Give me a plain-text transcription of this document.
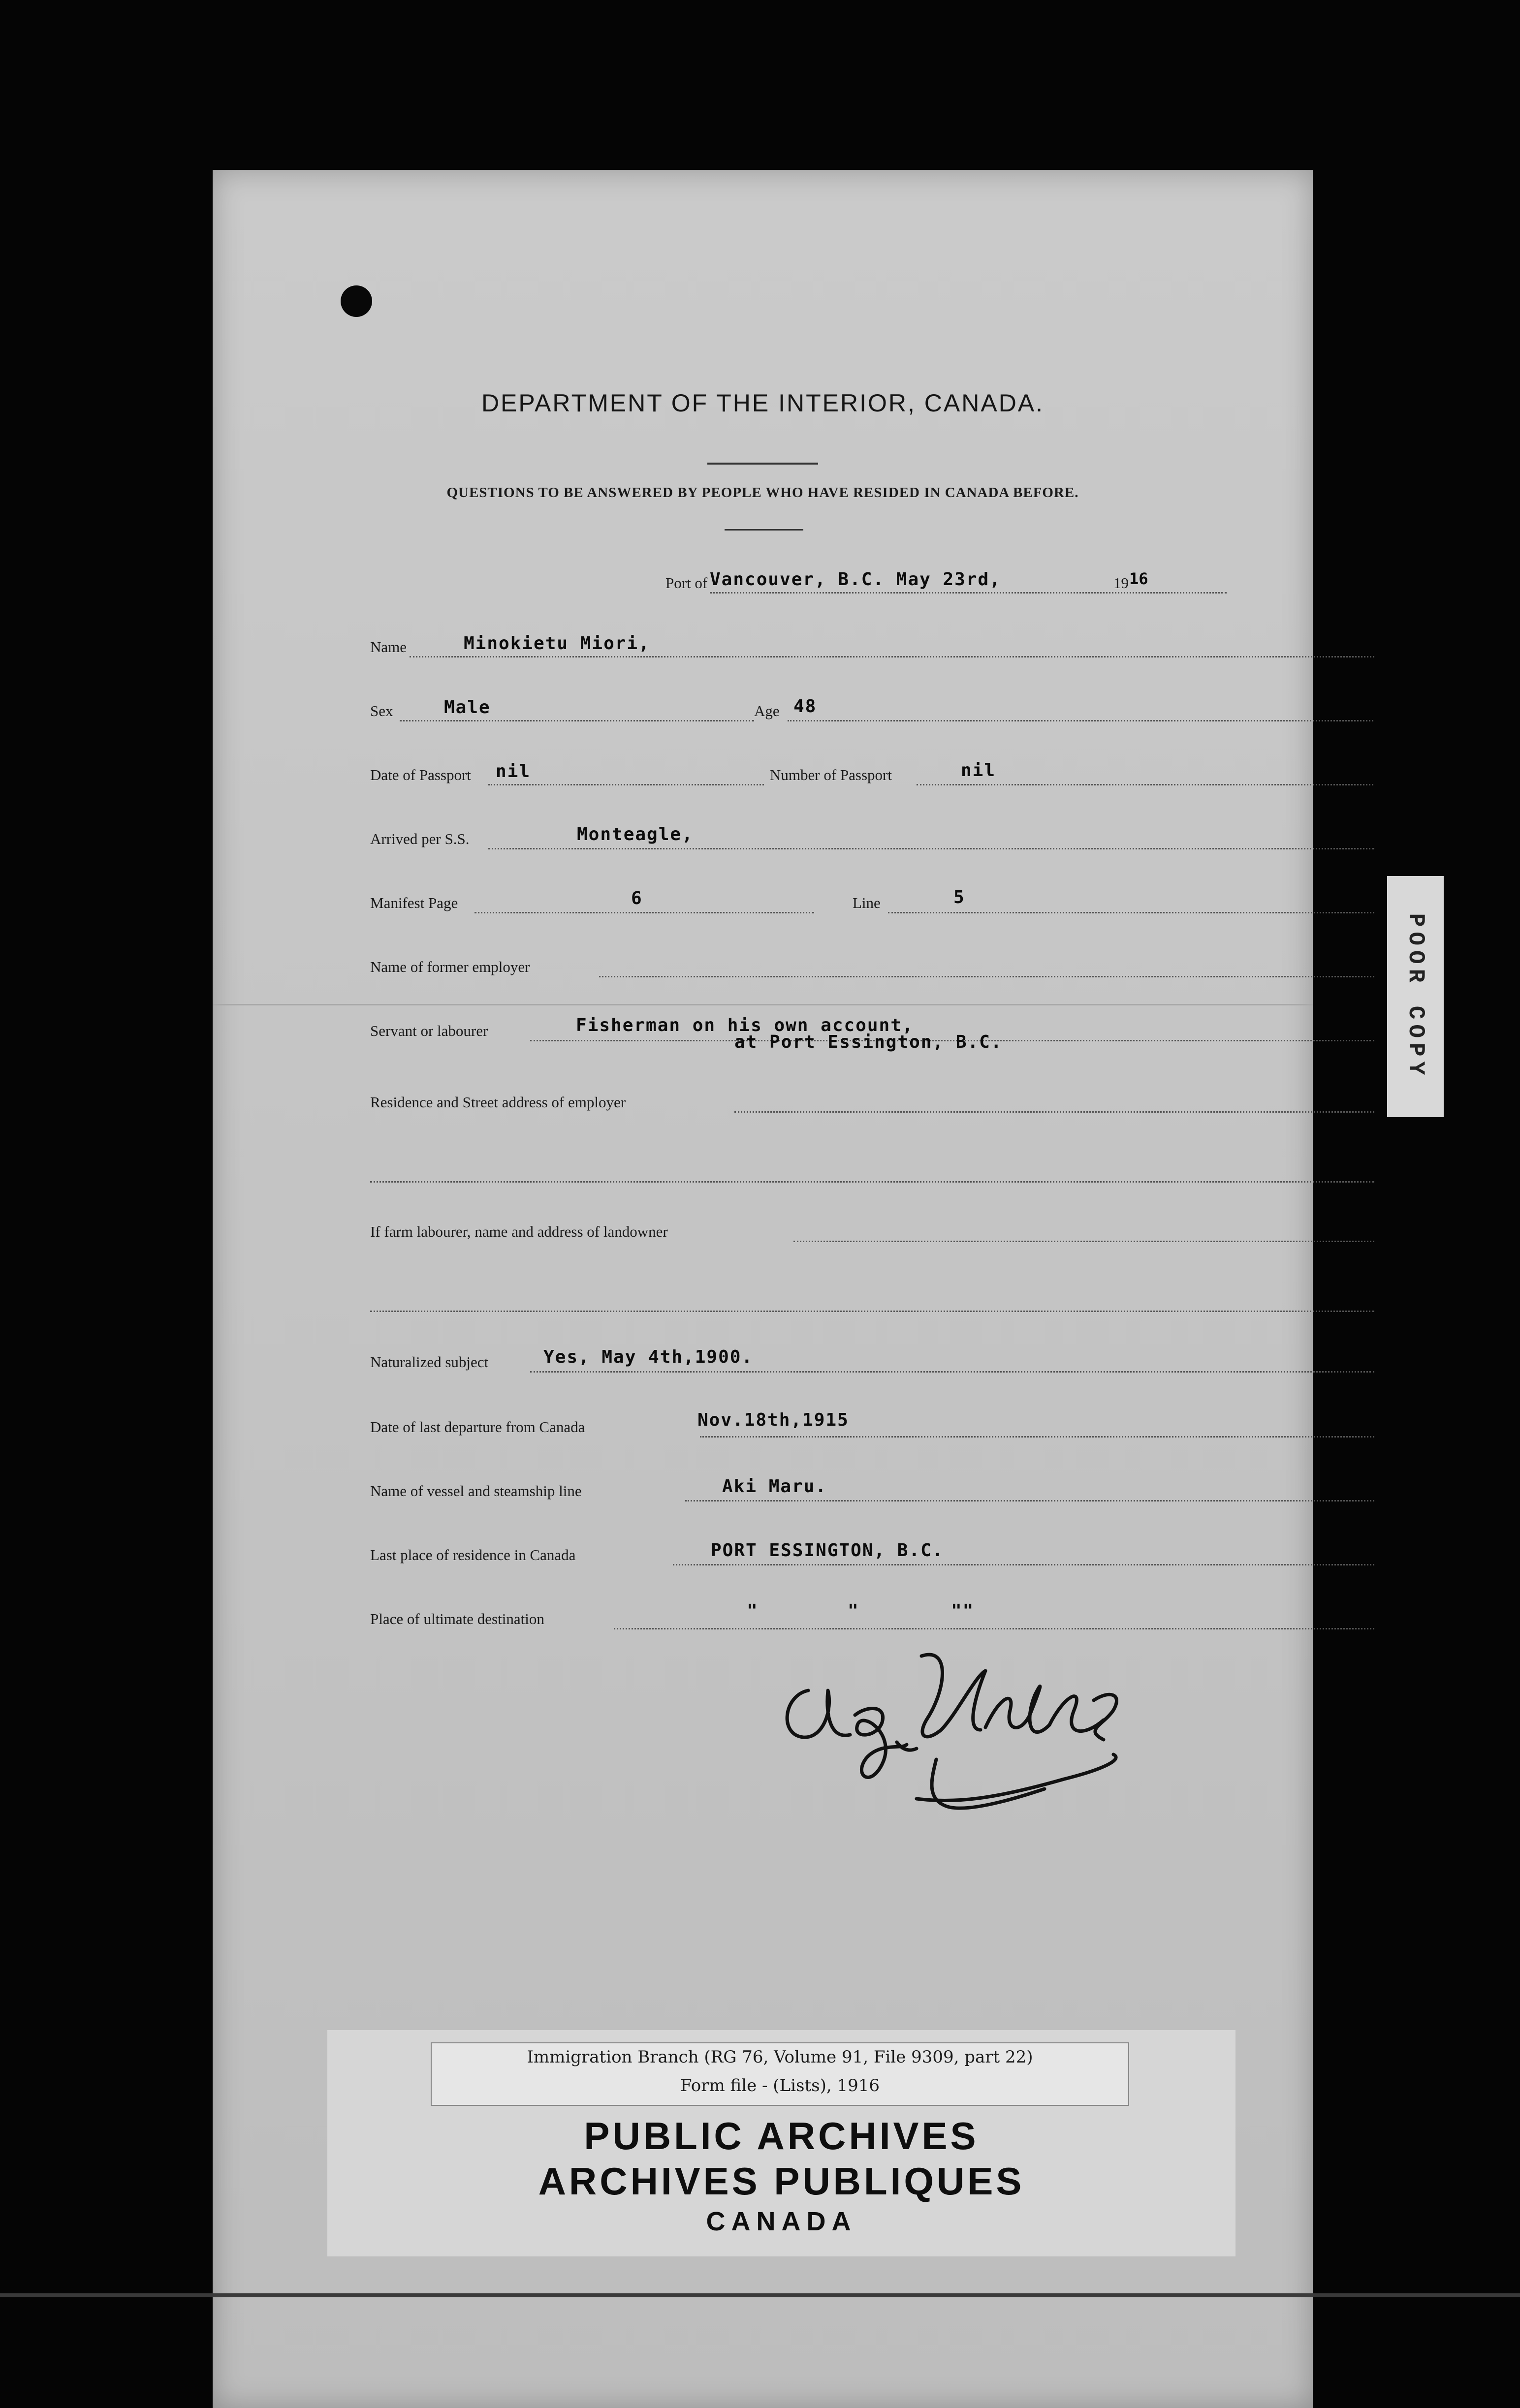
DEPARTMENT OF THE INTERIOR, CANADA.
QUESTIONS TO BE ANSWERED BY PEOPLE WHO HAVE RESIDED IN CANADA BEFORE.
Port of Vancouver, B.C. May 23rd,	19 16
Name	Minokietu Miori,
Sex	Male	Age 48
Date of Passport nil	Number of Passport	nil
Arrived per S.S.	Monteagle,
Manifest Page	6	Line	5
Name of former employer
Servant or labourer	Fisherman on his own account,
at Port Essington, B.C.
Residence and Street address of employer
If farm labourer, name and address of landowner
Naturalized subject	Yes, May 4th,1900.
Date of last departure from Canada	Nov.18th,1915
Name of vessel and steamship line	Aki Maru.
Last place of residence in Canada	PORT ESSINGTON, B.C.
Place of ultimate destination	"	"	""
POOR COPY
Immigration Branch (RG 76, Volume 91, File 9309, part 22)
Form file - (Lists), 1916
PUBLIC ARCHIVES
ARCHIVES PUBLIQUES
CANADA
